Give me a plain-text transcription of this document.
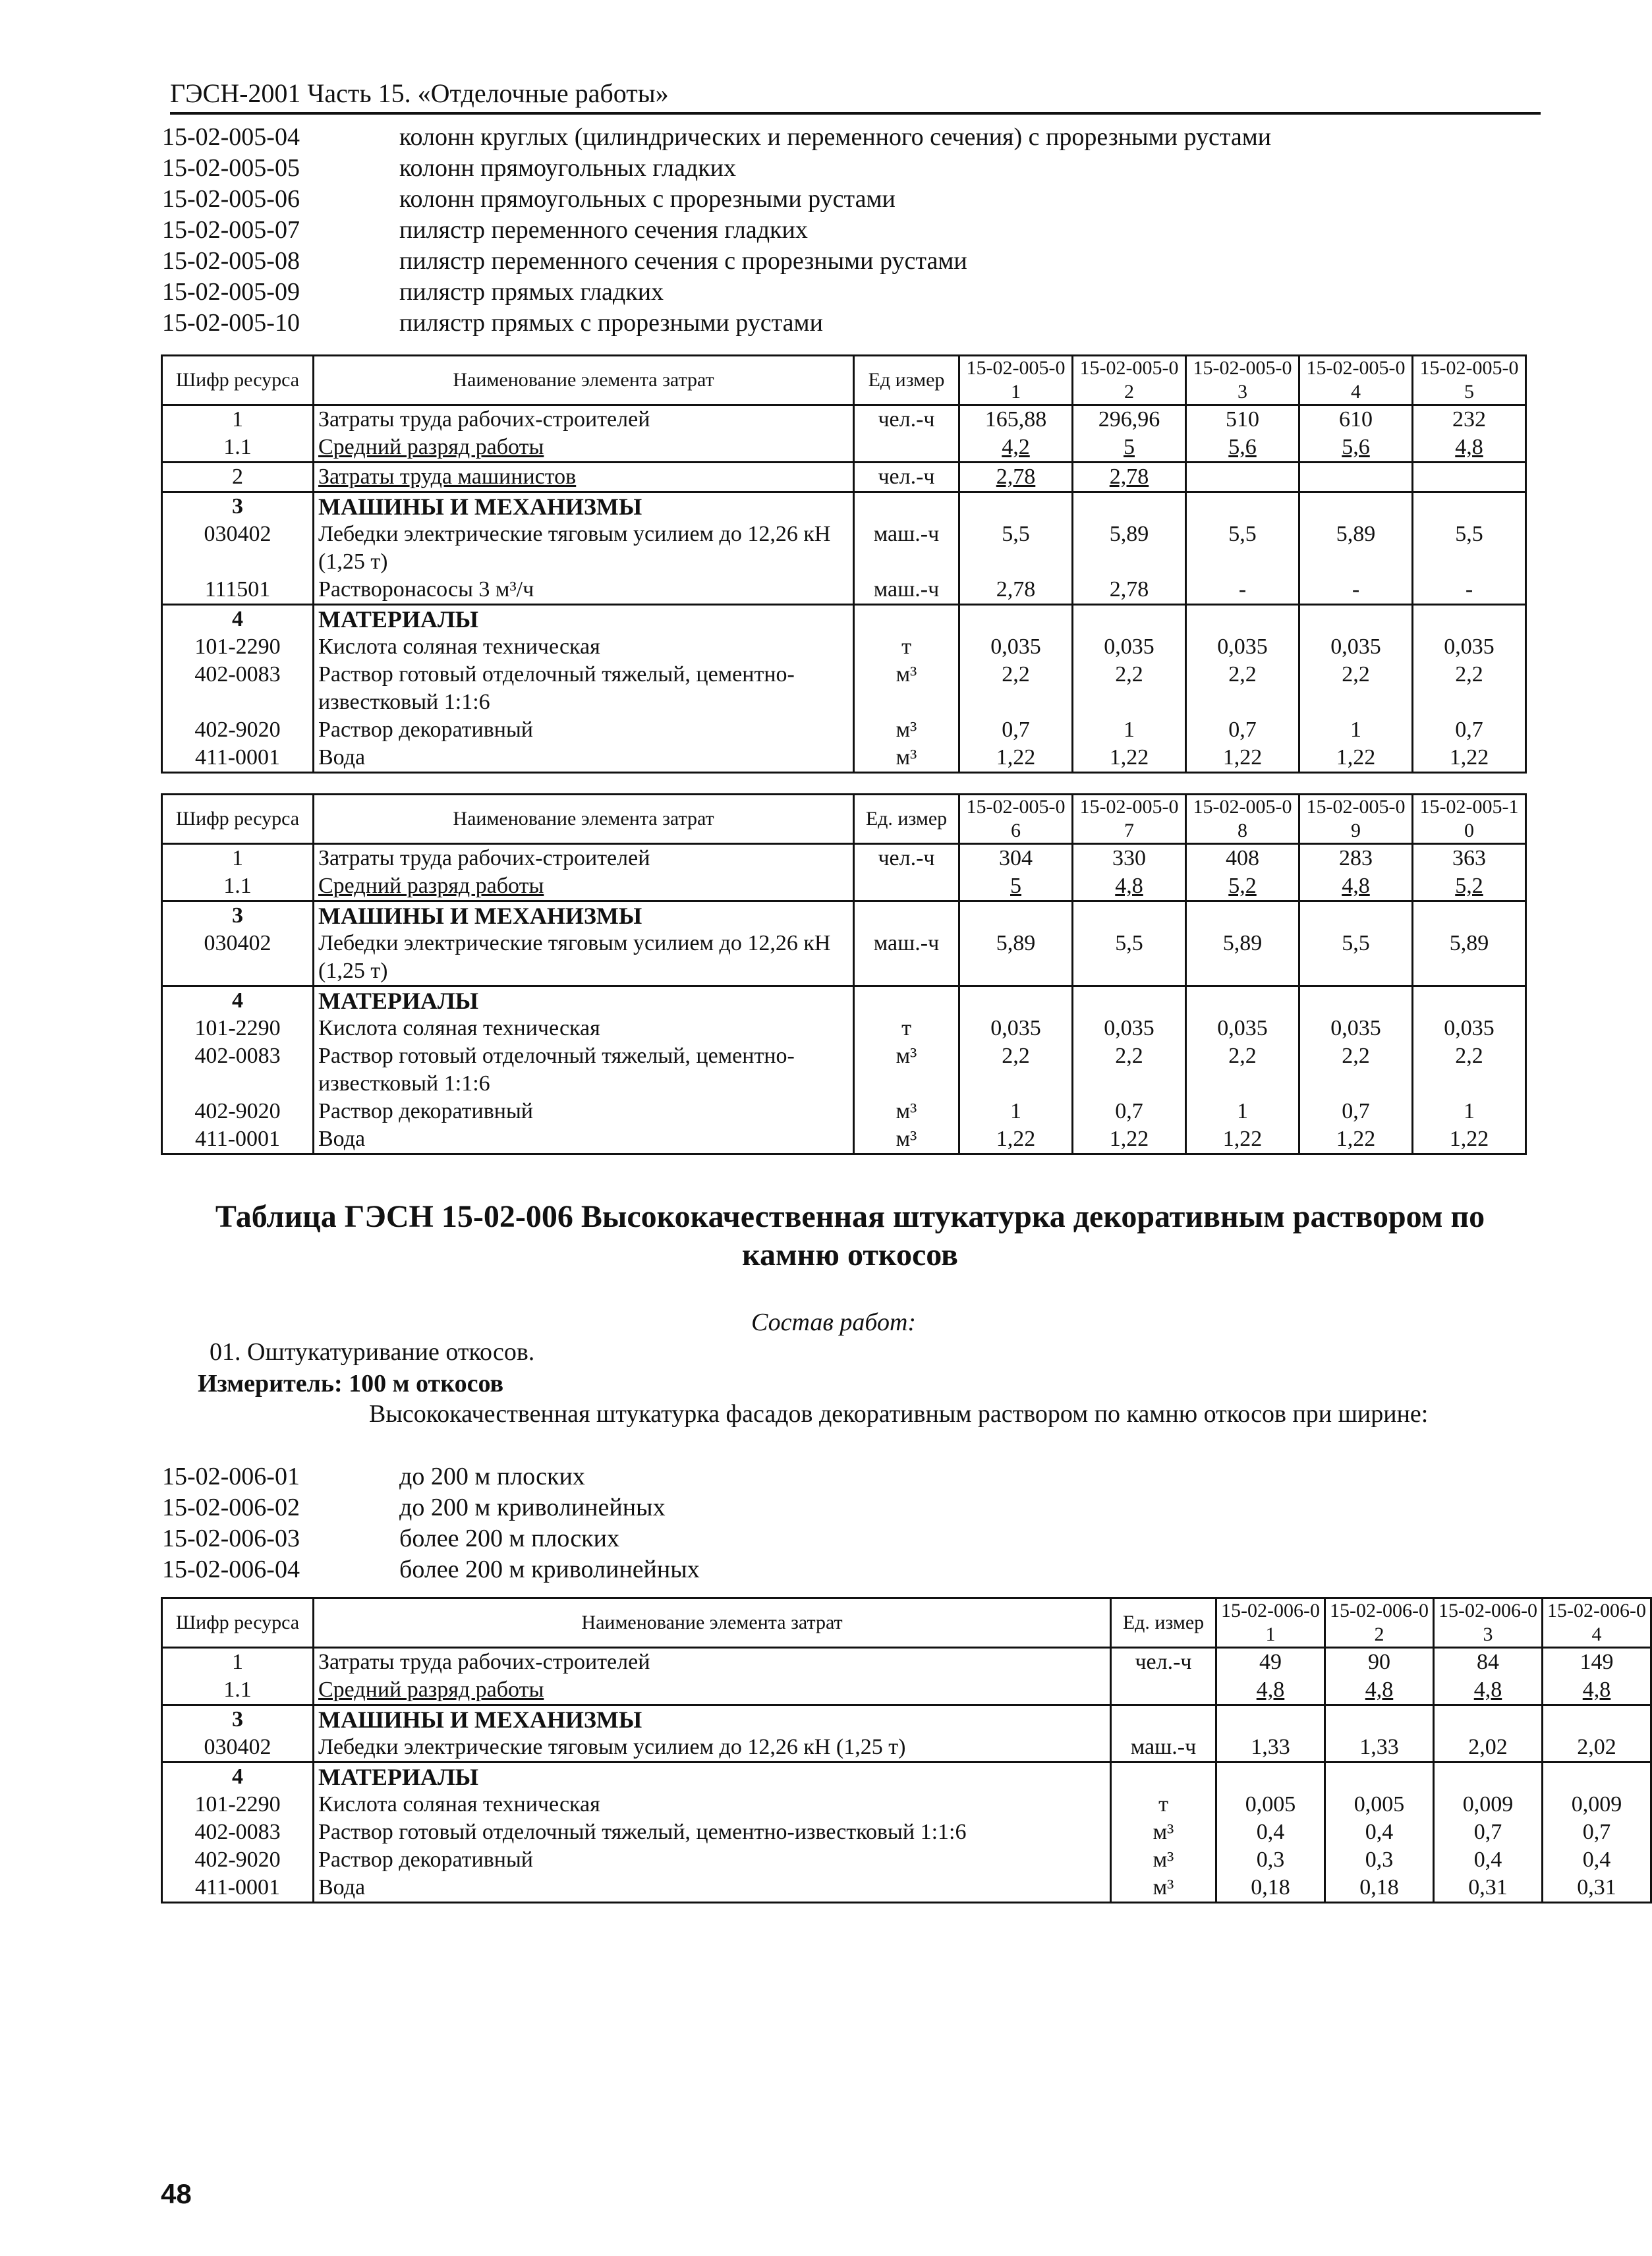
ГЭСН-2001 Часть 15. «Отделочные работы»
15-02-005-04	колонн круглых (цилиндрических и переменного сечения) с прорезными рустами
15-02-005-05	колонн прямоугольных гладких
15-02-005-06	колонн прямоугольных с прорезными рустами
15-02-005-07	пилястр переменного сечения гладких
15-02-005-08	пилястр переменного сечения с прорезными рустами
15-02-005-09	пилястр прямых гладких
15-02-005-10	пилястр прямых с прорезными рустами
Шифр ресурса	Наименование элемента затрат	Ед измер	15-02-005-01	15-02-005-02	15-02-005-03	15-02-005-04	15-02-005-05
1	Затраты труда рабочих-строителей	чел.-ч	165,88	296,96	510	610	232
1.1	Средний разряд работы		4,2	5	5,6	5,6	4,8
2	Затраты труда машинистов	чел.-ч	2,78	2,78			
3	МАШИНЫ И МЕХАНИЗМЫ						
030402	Лебедки электрические тяговым усилием до 12,26 кН (1,25 т)	маш.-ч	5,5	5,89	5,5	5,89	5,5
111501	Растворонасосы 3 м³/ч	маш.-ч	2,78	2,78	-	-	-
4	МАТЕРИАЛЫ						
101-2290	Кислота соляная техническая	т	0,035	0,035	0,035	0,035	0,035
402-0083	Раствор готовый отделочный тяжелый, цементно-известковый 1:1:6	м³	2,2	2,2	2,2	2,2	2,2
402-9020	Раствор декоративный	м³	0,7	1	0,7	1	0,7
411-0001	Вода	м³	1,22	1,22	1,22	1,22	1,22
Шифр ресурса	Наименование элемента затрат	Ед. измер	15-02-005-06	15-02-005-07	15-02-005-08	15-02-005-09	15-02-005-10
1	Затраты труда рабочих-строителей	чел.-ч	304	330	408	283	363
1.1	Средний разряд работы		5	4,8	5,2	4,8	5,2
3	МАШИНЫ И МЕХАНИЗМЫ						
030402	Лебедки электрические тяговым усилием до 12,26 кН (1,25 т)	маш.-ч	5,89	5,5	5,89	5,5	5,89
4	МАТЕРИАЛЫ						
101-2290	Кислота соляная техническая	т	0,035	0,035	0,035	0,035	0,035
402-0083	Раствор готовый отделочный тяжелый, цементно-известковый 1:1:6	м³	2,2	2,2	2,2	2,2	2,2
402-9020	Раствор декоративный	м³	1	0,7	1	0,7	1
411-0001	Вода	м³	1,22	1,22	1,22	1,22	1,22
Таблица ГЭСН 15-02-006 Высококачественная штукатурка декоративным раствором по
камню откосов
Состав работ:
01. Оштукатуривание откосов.
Измеритель: 100 м откосов
Высококачественная штукатурка фасадов декоративным раствором по камню откосов при ширине:
15-02-006-01	до 200 м плоских
15-02-006-02	до 200 м криволинейных
15-02-006-03	более 200 м плоских
15-02-006-04	более 200 м криволинейных
Шифр ресурса	Наименование элемента затрат	Ед. измер	15-02-006-01	15-02-006-02	15-02-006-03	15-02-006-04
1	Затраты труда рабочих-строителей	чел.-ч	49	90	84	149
1.1	Средний разряд работы		4,8	4,8	4,8	4,8
3	МАШИНЫ И МЕХАНИЗМЫ					
030402	Лебедки электрические тяговым усилием до 12,26 кН (1,25 т)	маш.-ч	1,33	1,33	2,02	2,02
4	МАТЕРИАЛЫ					
101-2290	Кислота соляная техническая	т	0,005	0,005	0,009	0,009
402-0083	Раствор готовый отделочный тяжелый, цементно-известковый 1:1:6	м³	0,4	0,4	0,7	0,7
402-9020	Раствор декоративный	м³	0,3	0,3	0,4	0,4
411-0001	Вода	м³	0,18	0,18	0,31	0,31
48
